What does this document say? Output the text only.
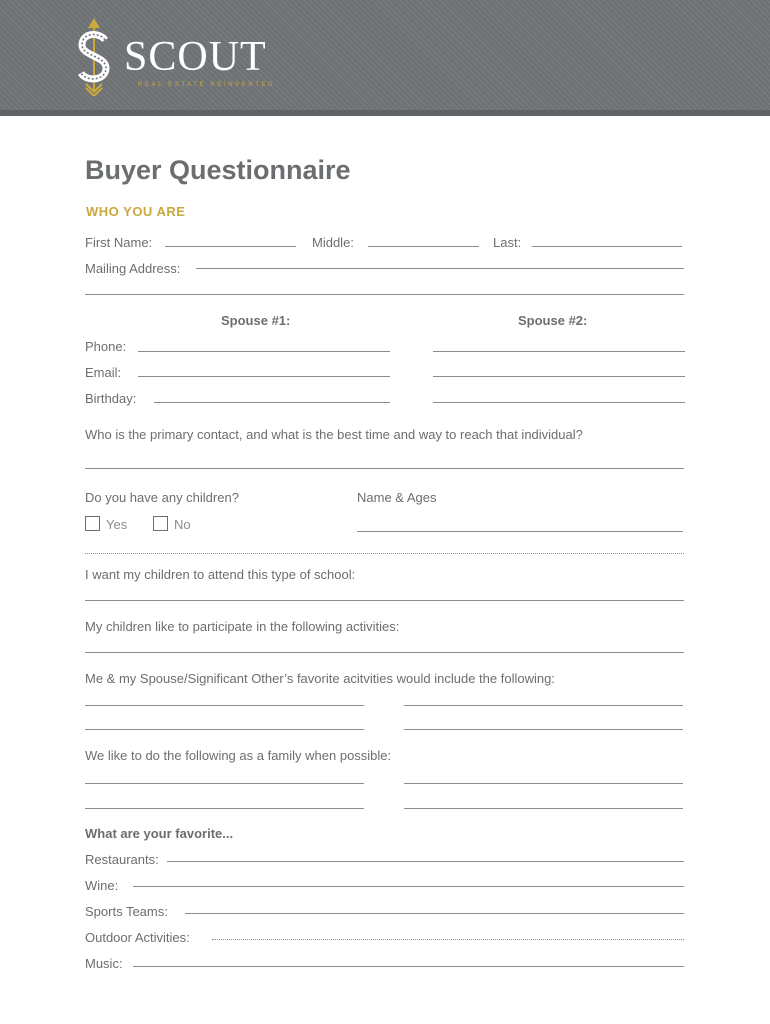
SCOUT
REAL ESTATE REINVENTED
Buyer Questionnaire
WHO YOU ARE
First Name:	Middle:	Last:
Mailing Address:
Spouse #1:	Spouse #2:
Phone:
Email:
Birthday:
Who is the primary contact, and what is the best time and way to reach that individual?
Do you have any children?	Name & Ages
Yes	No
I want my children to attend this type of school:
My children like to participate in the following activities:
Me & my Spouse/Significant Other’s favorite acitvities would include the following:
We like to do the following as a family when possible:
What are your favorite...
Restaurants:
Wine:
Sports Teams:
Outdoor Activities:
Music:
